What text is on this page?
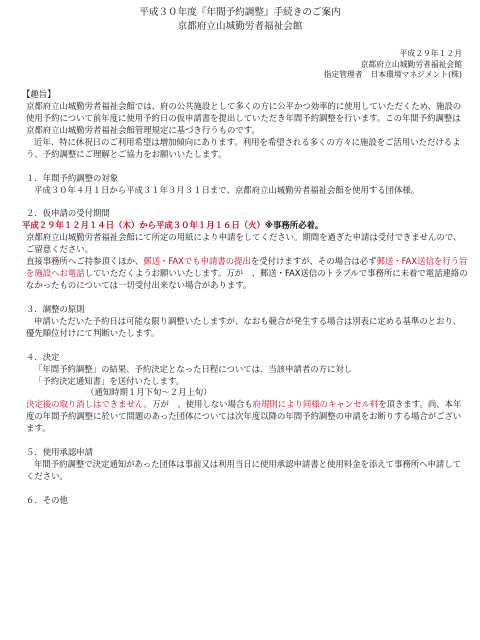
平成３０年度『年間予約調整』手続きのご案内

京都府立山城勤労者福祉会館

平成２９年１２月
京都府立山城勤労者福祉会館
指定管理者　日本環境マネジメント(株)
【趣旨】

京都府立山城勤労者福祉会館では、府の公共施設として多くの方に公平かつ効率的に使用していただくため、施設の使用予約について前年度に使用予約日の仮申請書を提出していただき年間予約調整を行います。この年間予約調整は京都府立山城勤労者福祉会館管理規定に基づき行うものです。

近年、特に休祝日のご利用希望は増加傾向にあります。利用を希望される多くの方々に施設をご活用いただけるよう、予約調整にご理解とご協力をお願いいたします。

１．年間予約調整の対象

平成３０年４月１日から平成３１年３月３１日まで、京都府立山城勤労者福祉会館を使用する団体様。

２．仮申請の受付期間
平成２９年１２月１４日（木）から平成３０年１月１６日（火）※事務所必着。

京都府立山城勤労者福祉会館にて所定の用紙により申請をしてください。期間を過ぎた申請は受付できませんので、ご留意ください。

直接事務所へご持参頂くほか、郵送・FAXでも申請書の提出を受付けますが、その場合は必ず郵送・FAX送信を行う旨を施設へお電話していただくようお願いいたします。万が　、郵送・FAX送信のトラブルで事務所に未着で電話連絡のなかったものについては一切受付出来ない場合があります。

３．調整の原則

申請いただいた予約日は可能な限り調整いたしますが、なおも競合が発生する場合は別表に定める基準のとおり、優先順位付けにて判断いたします。

４．決定

「年間予約調整」の結果、予約決定となった日程については、当該申請者の方に対し

「予約決定通知書」を送付いたします。

（通知時期１月下旬～２月上旬）

決定後の取り消しはできません。万が　、使用しない場合も府規則により同様のキャンセル料を頂きます。尚、本年度の年間予約調整に於いて問題のあった団体については次年度以降の年間予約調整の申請をお断りする場合がございます。

５．使用承認申請

年間予約調整で決定通知があった団体は事前又は利用当日に使用承認申請書と使用料金を添えて事務所へ申請してください。

６．その他
